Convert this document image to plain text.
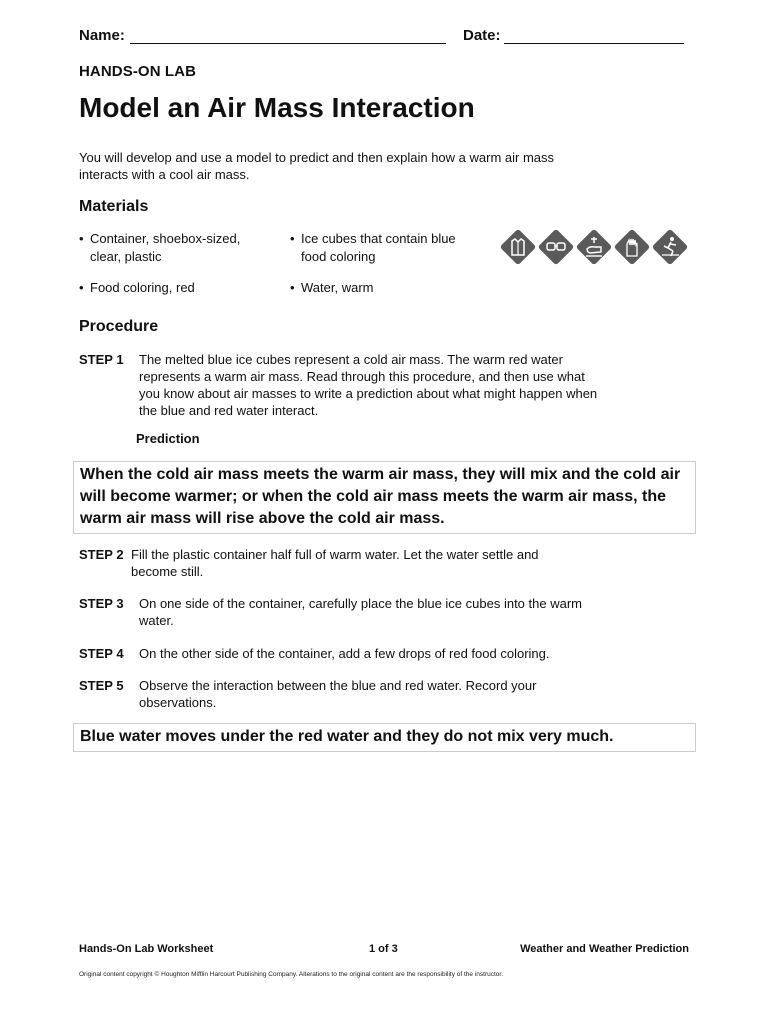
Name:	Date:
HANDS-ON LAB
Model an Air Mass Interaction
You will develop and use a model to predict and then explain how a warm air mass interacts with a cool air mass.
Materials
• Container, shoebox-sized, clear, plastic
• Ice cubes that contain blue food coloring
• Food coloring, red	• Water, warm
Procedure
STEP 1 The melted blue ice cubes represent a cold air mass. The warm red water represents a warm air mass. Read through this procedure, and then use what you know about air masses to write a prediction about what might happen when the blue and red water interact.
Prediction
When the cold air mass meets the warm air mass, they will mix and the cold air will become warmer; or when the cold air mass meets the warm air mass, the warm air mass will rise above the cold air mass.
STEP 2 Fill the plastic container half full of warm water. Let the water settle and become still.
STEP 3 On one side of the container, carefully place the blue ice cubes into the warm water.
STEP 4 On the other side of the container, add a few drops of red food coloring.
STEP 5 Observe the interaction between the blue and red water. Record your observations.
Blue water moves under the red water and they do not mix very much.
Hands-On Lab Worksheet	1 of 3	Weather and Weather Prediction
Original content copyright © Houghton Mifflin Harcourt Publishing Company. Alterations to the original content are the responsibility of the instructor.
